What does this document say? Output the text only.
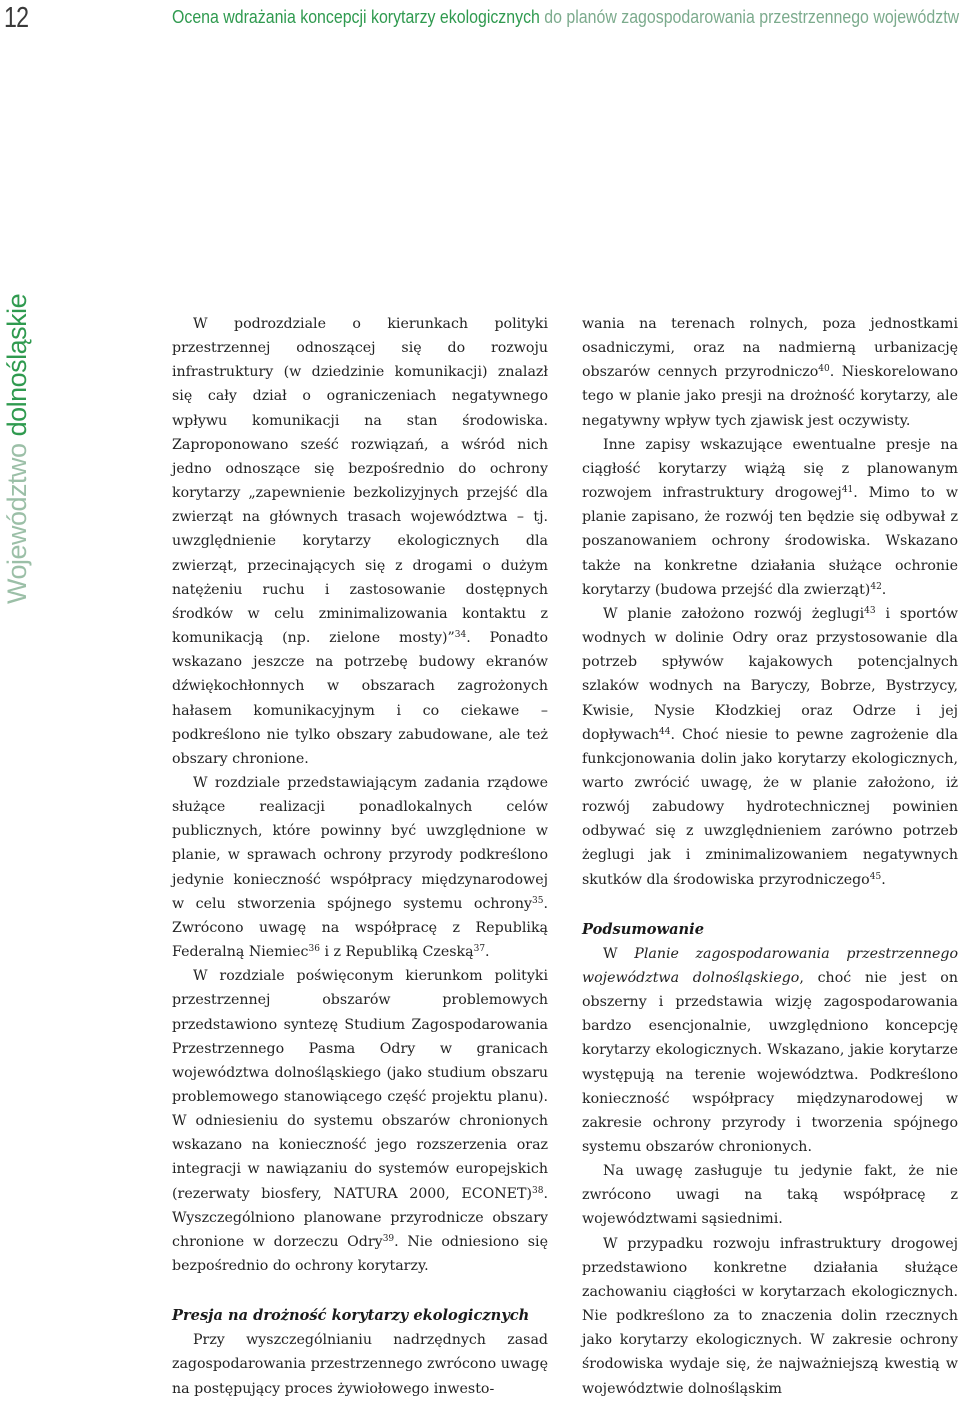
12	Ocena wdrażania koncepcji korytarzy ekologicznych do planów zagospodarowania przestrzennego województw
Województwo dolnośląskie	W podrozdziale o kierunkach polityki przestrzennej odnoszącej się do rozwoju infrastruktury (w dziedzinie komunikacji) znalazł się cały dział o ograniczeniach negatywnego wpływu komunikacji na stan środowiska. Zaproponowano sześć rozwiązań, a wśród nich jedno odnoszące się bezpośrednio do ochrony korytarzy „zapewnienie bezkolizyjnych przejść dla zwierząt na głównych trasach województwa – tj. uwzględnienie korytarzy ekologicznych dla zwierząt, przecinających się z drogami o dużym natężeniu ruchu i zastosowanie dostępnych środków w celu zminimalizowania kontaktu z komunikacją (np. zielone mosty)”$^{34}$. Ponadto wskazano jeszcze na potrzebę budowy ekranów dźwiękochłonnych w obszarach zagrożonych hałasem komunikacyjnym i co ciekawe – podkreślono nie tylko obszary zabudowane, ale też obszary chronione.

W rozdziale przedstawiającym zadania rządowe służące realizacji ponadlokalnych celów publicznych, które powinny być uwzględnione w planie, w sprawach ochrony przyrody podkreślono jedynie konieczność współpracy międzynarodowej w celu stworzenia spójnego systemu ochrony$^{35}$. Zwrócono uwagę na współpracę z Republiką Federalną Niemiec$^{36}$ i z Republiką Czeską$^{37}$.

W rozdziale poświęconym kierunkom polityki przestrzennej obszarów problemowych przedstawiono syntezę Studium Zagospodarowania Przestrzennego Pasma Odry w granicach województwa dolnośląskiego (jako studium obszaru problemowego stanowiącego część projektu planu). W odniesieniu do systemu obszarów chronionych wskazano na konieczność jego rozszerzenia oraz integracji w nawiązaniu do systemów europejskich (rezerwaty biosfery, NATURA 2000, ECONET)$^{38}$. Wyszczególniono planowane przyrodnicze obszary chronione w dorzeczu Odry$^{39}$. Nie odniesiono się bezpośrednio do ochrony korytarzy.

Presja na drożność korytarzy ekologicznych

Przy wyszczególnianiu nadrzędnych zasad zagospodarowania przestrzennego zwrócono uwagę na postępujący proces żywiołowego inwesto-

wania na terenach rolnych, poza jednostkami osadniczymi, oraz na nadmierną urbanizację obszarów cennych przyrodniczo$^{40}$. Nieskorelowano tego w planie jako presji na drożność korytarzy, ale negatywny wpływ tych zjawisk jest oczywisty.

Inne zapisy wskazujące ewentualne presje na ciągłość korytarzy wiążą się z planowanym rozwojem infrastruktury drogowej$^{41}$. Mimo to w planie zapisano, że rozwój ten będzie się odbywał z poszanowaniem ochrony środowiska. Wskazano także na konkretne działania służące ochronie korytarzy (budowa przejść dla zwierząt)$^{42}$.

W planie założono rozwój żeglugi$^{43}$ i sportów wodnych w dolinie Odry oraz przystosowanie dla potrzeb spływów kajakowych potencjalnych szlaków wodnych na Baryczy, Bobrze, Bystrzycy, Kwisie, Nysie Kłodzkiej oraz Odrze i jej dopływach$^{44}$. Choć niesie to pewne zagrożenie dla funkcjonowania dolin jako korytarzy ekologicznych, warto zwrócić uwagę, że w planie założono, iż rozwój zabudowy hydrotechnicznej powinien odbywać się z uwzględnieniem zarówno potrzeb żeglugi jak i zminimalizowaniem negatywnych skutków dla środowiska przyrodniczego$^{45}$.

Podsumowanie

W Planie zagospodarowania przestrzennego województwa dolnośląskiego, choć nie jest on obszerny i przedstawia wizję zagospodarowania bardzo esencjonalnie, uwzględniono koncepcję korytarzy ekologicznych. Wskazano, jakie korytarze występują na terenie województwa. Podkreślono konieczność współpracy międzynarodowej w zakresie ochrony przyrody i tworzenia spójnego systemu obszarów chronionych.

Na uwagę zasługuje tu jedynie fakt, że nie zwrócono uwagi na taką współpracę z województwami sąsiednimi.

W przypadku rozwoju infrastruktury drogowej przedstawiono konkretne działania służące zachowaniu ciągłości w korytarzach ekologicznych. Nie podkreślono za to znaczenia dolin rzecznych jako korytarzy ekologicznych. W zakresie ochrony środowiska wydaje się, że najważniejszą kwestią w województwie dolnośląskim
